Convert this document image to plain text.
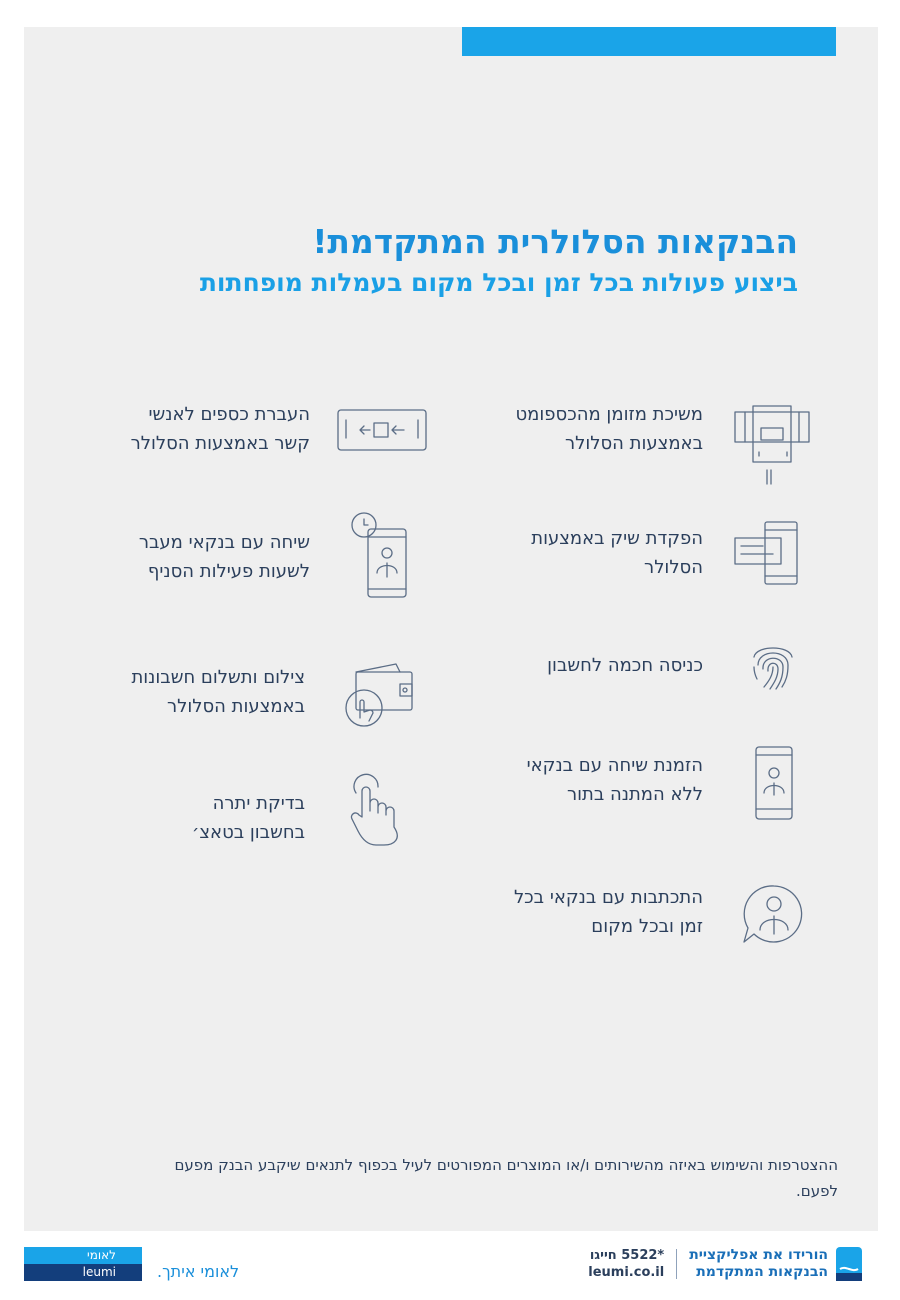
הבנקאות הסלולרית המתקדמת!
ביצוע פעולות בכל זמן ובכל מקום בעמלות מופחתות
משיכת מזומן מהכספומט
באמצעות הסלולר
הפקדת שיק באמצעות
הסלולר
כניסה חכמה לחשבון
הזמנת שיחה עם בנקאי
ללא המתנה בתור
התכתבות עם בנקאי בכל
זמן ובכל מקום
העברת כספים לאנשי
קשר באמצעות הסלולר
שיחה עם בנקאי מעבר
לשעות פעילות הסניף
צילום ותשלום חשבונות
באמצעות הסלולר
בדיקת יתרה
בחשבון בטאצ׳
ההצטרפות והשימוש באיזה מהשירותים ו/או המוצרים המפורטים לעיל בכפוף לתנאים שיקבע הבנק מפעם לפעם.
לאומי
leumi	לאומי איתך.
הורידו את אפליקציית
הבנקאות המתקדמת
*5522 חייגו
leumi.co.il
